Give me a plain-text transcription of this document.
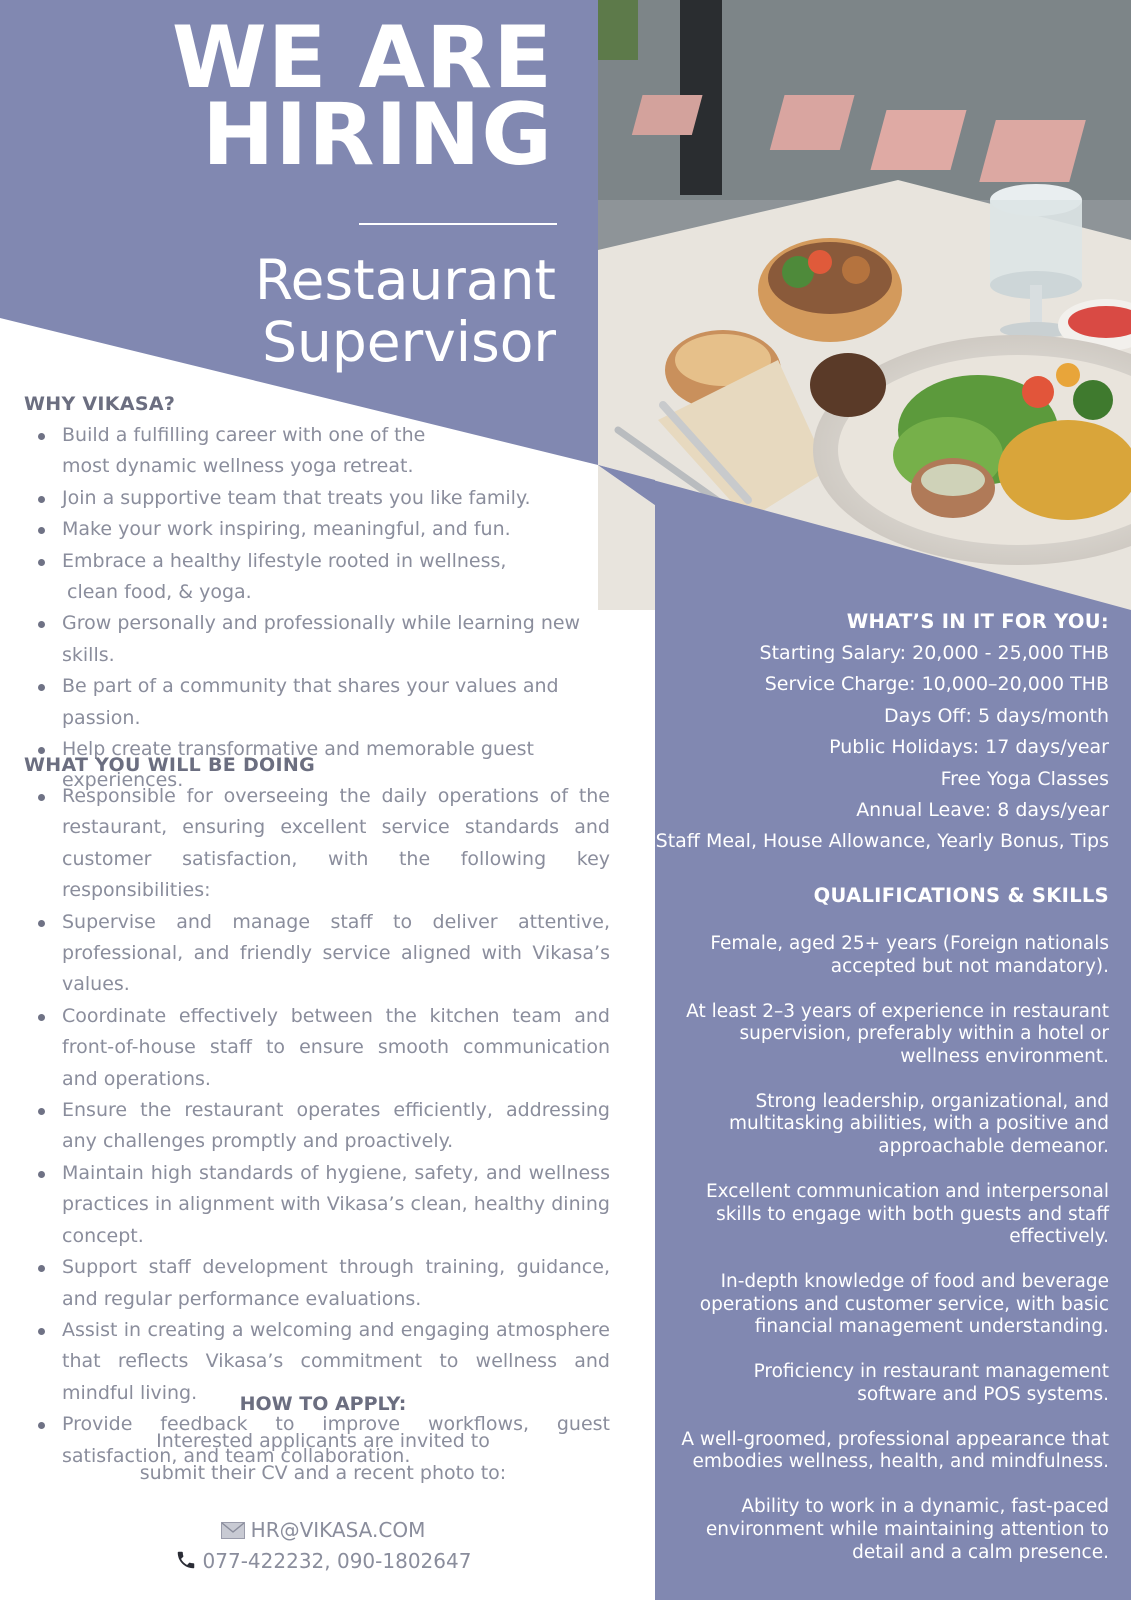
WE ARE
HIRING
Restaurant
Supervisor
WHY VIKASA?
Build a fulfilling career with one of the
most dynamic wellness yoga retreat.
Join a supportive team that treats you like family.
Make your work inspiring, meaningful, and fun.
Embrace a healthy lifestyle rooted in wellness,
clean food, & yoga.
Grow personally and professionally while learning new skills.
Be part of a community that shares your values and passion.
Help create transformative and memorable guest experiences.
WHAT YOU WILL BE DOING
Responsible for overseeing the daily operations of the restaurant, ensuring excellent service standards and customer satisfaction, with the following key responsibilities:
Supervise and manage staff to deliver attentive, professional, and friendly service aligned with Vikasa’s values.
Coordinate effectively between the kitchen team and front-of-house staff to ensure smooth communication and operations.
Ensure the restaurant operates efficiently, addressing any challenges promptly and proactively.
Maintain high standards of hygiene, safety, and wellness practices in alignment with Vikasa’s clean, healthy dining concept.
Support staff development through training, guidance, and regular performance evaluations.
Assist in creating a welcoming and engaging atmosphere that reflects Vikasa’s commitment to wellness and mindful living.
Provide feedback to improve workflows, guest satisfaction, and team collaboration.
HOW TO APPLY:
Interested applicants are invited to
submit their CV and a recent photo to:
HR@VIKASA.COM
077-422232, 090-1802647
WHAT’S IN IT FOR YOU:
Starting Salary: 20,000 - 25,000 THB
Service Charge: 10,000–20,000 THB
Days Off: 5 days/month
Public Holidays: 17 days/year
Free Yoga Classes
Annual Leave: 8 days/year
Staff Meal, House Allowance, Yearly Bonus, Tips
QUALIFICATIONS & SKILLS

Female, aged 25+ years (Foreign nationals accepted but not mandatory).

At least 2–3 years of experience in restaurant supervision, preferably within a hotel or wellness environment.

Strong leadership, organizational, and multitasking abilities, with a positive and approachable demeanor.

Excellent communication and interpersonal skills to engage with both guests and staff effectively.

In-depth knowledge of food and beverage operations and customer service, with basic financial management understanding.

Proficiency in restaurant management software and POS systems.

A well-groomed, professional appearance that embodies wellness, health, and mindfulness.

Ability to work in a dynamic, fast-paced environment while maintaining attention to detail and a calm presence.
